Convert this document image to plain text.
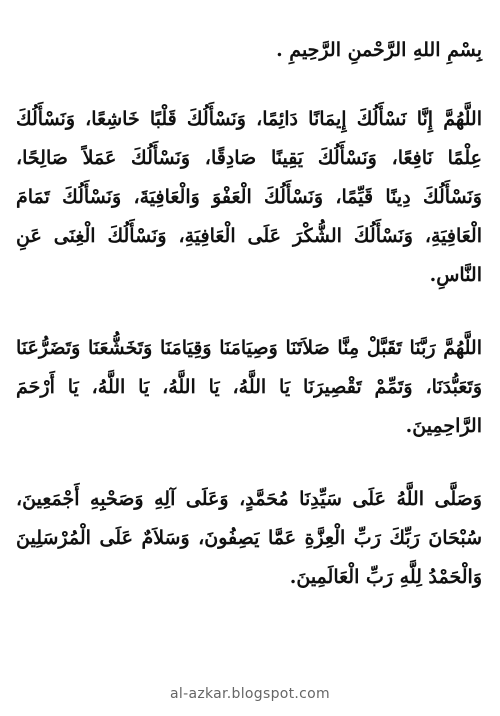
بِسْمِ اللهِ الرَّحْمنِ الرَّحِيمِ .

اللَّهُمَّ إِنَّا نَسْأَلُكَ إِيمَانًا دَائِمًا، وَنَسْأَلُكَ قَلْبًا خَاشِعًا، وَنَسْأَلُكَ عِلْمًا نَافِعًا، وَنَسْأَلُكَ يَقِينًا صَادِقًا، وَنَسْأَلُكَ عَمَلاً صَالِحًا، وَنَسْأَلُكَ دِينًا قَيِّمًا، وَنَسْأَلُكَ الْعَفْوَ وَالْعَافِيَةَ، وَنَسْأَلُكَ تَمَامَ الْعَافِيَةِ، وَنَسْأَلُكَ الشُّكْرَ عَلَى الْعَافِيَةِ، وَنَسْأَلُكَ الْغِنَى عَنِ النَّاسِ.

اللَّهُمَّ رَبَّنَا تَقَبَّلْ مِنَّا صَلاَتَنَا وَصِيَامَنَا وَقِيَامَنَا وَتَخَشُّعَنَا وَتَضَرُّعَنَا وَتَعَبُّدَنَا، وَتَمِّمْ تَقْصِيرَنَا يَا اللَّهُ، يَا اللَّهُ، يَا اللَّهُ، يَا أَرْحَمَ الرَّاحِمِينَ.

وَصَلَّى اللَّهُ عَلَى سَيِّدِنَا مُحَمَّدٍ، وَعَلَى آلِهِ وَصَحْبِهِ أَجْمَعِينَ، سُبْحَانَ رَبِّكَ رَبِّ الْعِزَّةِ عَمَّا يَصِفُونَ، وَسَلاَمٌ عَلَى الْمُرْسَلِينَ وَالْحَمْدُ لِلَّهِ رَبِّ الْعَالَمِينَ.

al-azkar.blogspot.com
